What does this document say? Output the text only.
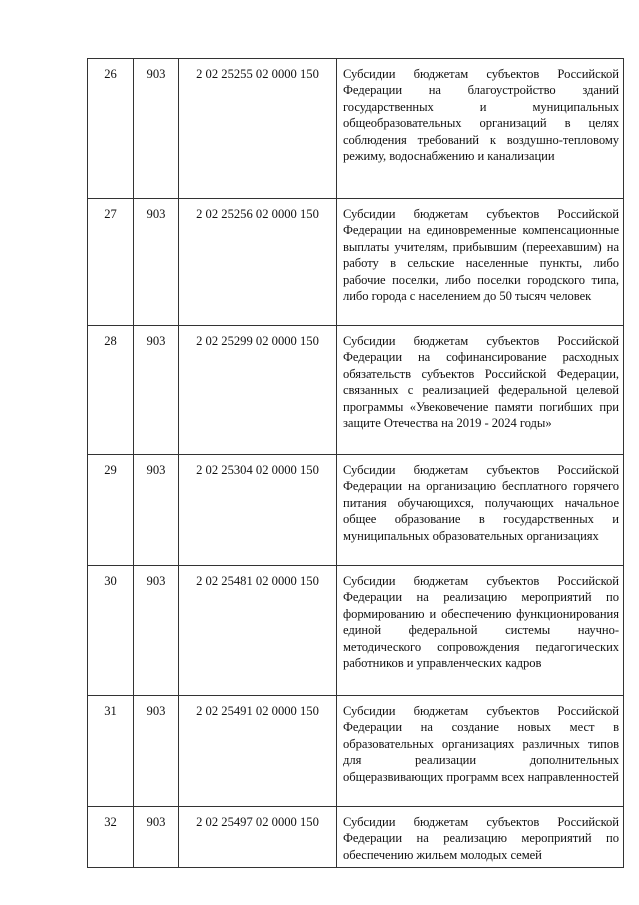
26	903	2 02 25255 02 0000 150	Субсидии бюджетам субъектов Российской Федерации на благоустройство зданий государственных и муниципальных общеобразовательных организаций в целях соблюдения требований к воздушно-тепловому режиму, водоснабжению и канализации
27	903	2 02 25256 02 0000 150	Субсидии бюджетам субъектов Российской Федерации на единовременные компенсационные выплаты учителям, прибывшим (переехавшим) на работу в сельские населенные пункты, либо рабочие поселки, либо поселки городского типа, либо города с населением до 50 тысяч человек
28	903	2 02 25299 02 0000 150	Субсидии бюджетам субъектов Российской Федерации на софинансирование расходных обязательств субъектов Российской Федерации, связанных с реализацией федеральной целевой программы «Увековечение памяти погибших при защите Отечества на 2019 - 2024 годы»
29	903	2 02 25304 02 0000 150	Субсидии бюджетам субъектов Российской Федерации на организацию бесплатного горячего питания обучающихся, получающих начальное общее образование в государственных и муниципальных образовательных организациях
30	903	2 02 25481 02 0000 150	Субсидии бюджетам субъектов Российской Федерации на реализацию мероприятий по формированию и обеспечению функционирования единой федеральной системы научно-методического сопровождения педагогических работников и управленческих кадров
31	903	2 02 25491 02 0000 150	Субсидии бюджетам субъектов Российской Федерации на создание новых мест в образовательных организациях различных типов для реализации дополнительных общеразвивающих программ всех направленностей
32	903	2 02 25497 02 0000 150	Субсидии бюджетам субъектов Российской Федерации на реализацию мероприятий по обеспечению жильем молодых семей
